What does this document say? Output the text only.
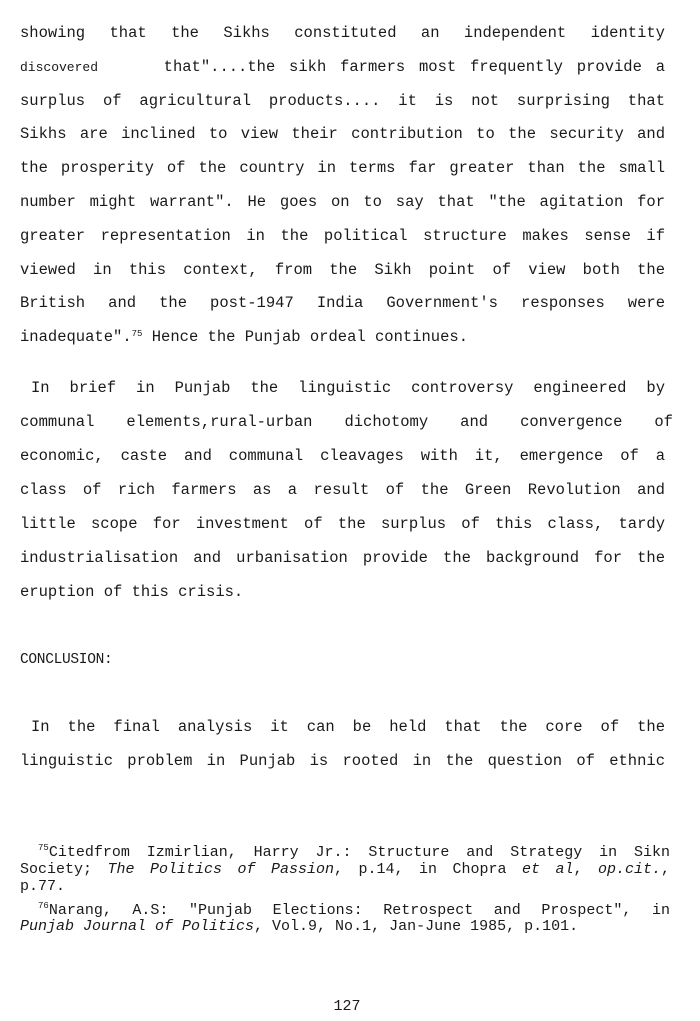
showing that the Sikhs constituted an independent identity
discovered	that"....the sikh farmers most frequently provide a
surplus of agricultural products.... it is not surprising that
Sikhs are inclined to view their contribution to the security and
the prosperity of the country in terms far greater than the small
number might warrant". He goes on to say that "the agitation for
greater representation in the political structure makes sense if
viewed in this context, from the Sikh point of view both the
British and the post-1947 India Government's responses were
inadequate".$^{75}$ Hence the Punjab ordeal continues.
In brief in Punjab the linguistic controversy engineered by
communal elements,rural-urban dichotomy and convergence of
economic, caste and communal cleavages with it, emergence of a
class of rich farmers as a result of the Green Revolution and
little scope for investment of the surplus of this class, tardy
industrialisation and urbanisation provide the background for the
eruption of this crisis.
CONCLUSION:
In the final analysis it can be held that the core of the
linguistic problem in Punjab is rooted in the question of ethnic
$^{75}$Citedfrom Izmirlian, Harry Jr.: Structure and Strategy in Sikn
Society; The Politics of Passion, p.14, in Chopra et al, op.cit.,
p.77.
$^{76}$Narang, A.S: "Punjab Elections: Retrospect and Prospect", in
Punjab Journal of Politics, Vol.9, No.1, Jan-June 1985, p.101.
127
